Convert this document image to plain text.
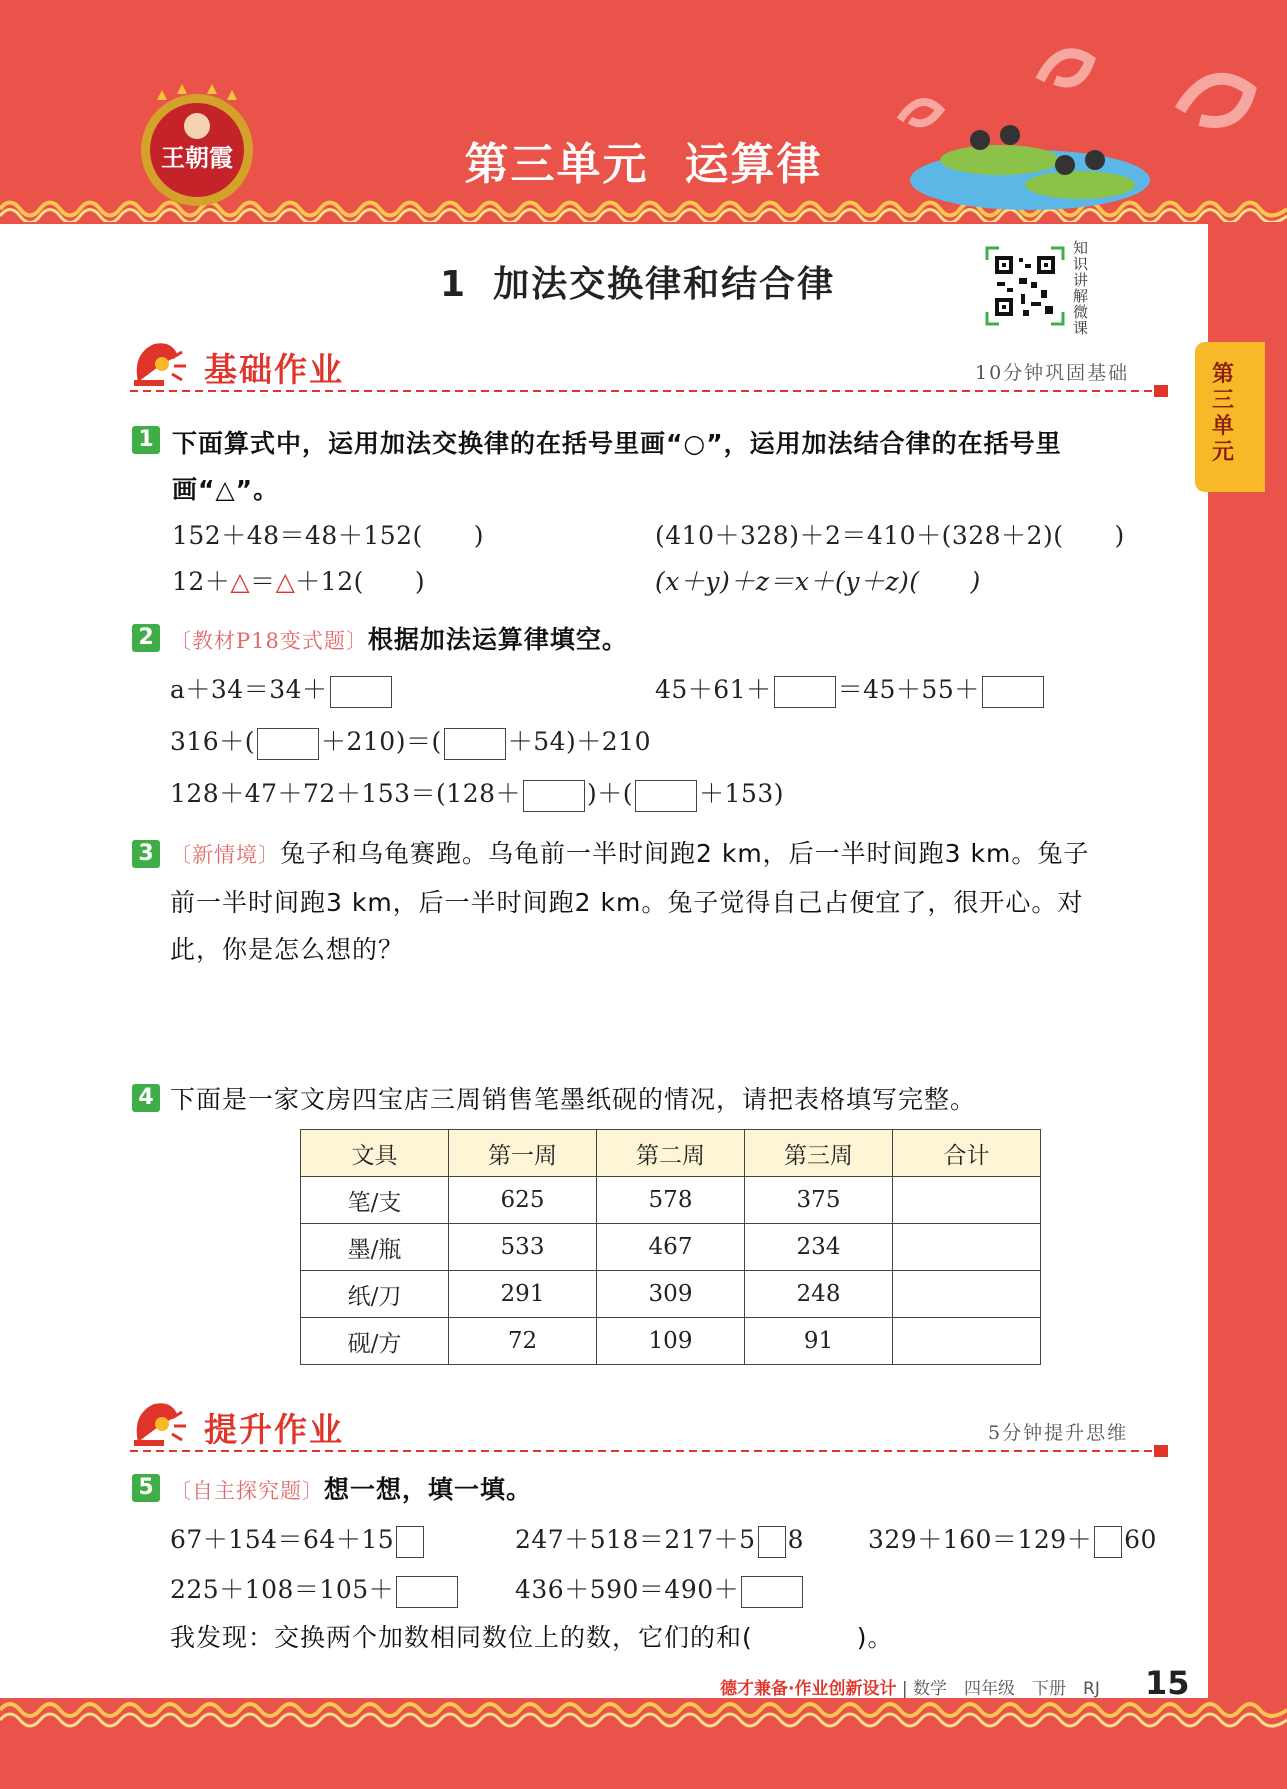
王朝霞	第三单元 运算律
第三单元
1 加法交换律和结合律
知识讲解微课
基础作业	10分钟巩固基础
1 下面算式中，运用加法交换律的在括号里画“○”，运用加法结合律的在括号里
画“△”。
152＋48＝48＋152(　　)	(410＋328)＋2＝410＋(328＋2)(　　)
12＋△＝△＋12(　　)	(x＋y)＋z＝x＋(y＋z)(　　)
2 〔教材P18变式题〕根据加法运算律填空。
a＋34＝34＋	45＋61＋	＝45＋55＋
316＋(	＋210)＝(	＋54)＋210
128＋47＋72＋153＝(128＋	)＋(	＋153)
3 〔新情境〕兔子和乌龟赛跑。乌龟前一半时间跑2 km，后一半时间跑3 km。兔子
前一半时间跑3 km，后一半时间跑2 km。兔子觉得自己占便宜了，很开心。对
此，你是怎么想的？
4 下面是一家文房四宝店三周销售笔墨纸砚的情况，请把表格填写完整。
文具	第一周	第二周	第三周	合计
笔/支	625	578	375	
墨/瓶	533	467	234	
纸/刀	291	309	248	
砚/方	72	109	91	
提升作业	5分钟提升思维
5 〔自主探究题〕想一想，填一填。
67＋154＝64＋15	247＋518＝217＋5 8	329＋160＝129＋ 60
225＋108＝105＋	436＋590＝490＋
我发现：交换两个加数相同数位上的数，它们的和(　　　　)。
德才兼备·作业创新设计 | 数学　四年级　下册　RJ 15
